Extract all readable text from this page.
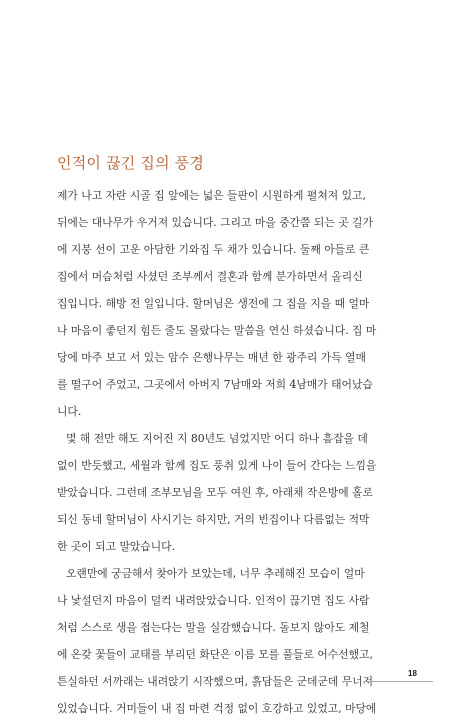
인적이 끊긴 집의 풍경
제가 나고 자란 시골 집 앞에는 넓은 들판이 시원하게 펼쳐져 있고,
뒤에는 대나무가 우거져 있습니다. 그리고 마을 중간쯤 되는 곳 길가
에 지붕 선이 고운 아담한 기와집 두 채가 있습니다. 둘째 아들로 큰
집에서 머슴처럼 사셨던 조부께서 결혼과 함께 분가하면서 올리신
집입니다. 해방 전 일입니다. 할머님은 생전에 그 집을 지을 때 얼마
나 마음이 좋던지 힘든 줄도 몰랐다는 말씀을 연신 하셨습니다. 집 마
당에 마주 보고 서 있는 암수 은행나무는 매년 한 광주리 가득 열매
를 떨구어 주었고, 그곳에서 아버지 7남매와 저희 4남매가 태어났습
니다.
몇 해 전만 해도 지어진 지 80년도 넘었지만 어디 하나 흠잡을 데
없이 반듯했고, 세월과 함께 집도 풍취 있게 나이 들어 간다는 느낌을
받았습니다. 그런데 조부모님을 모두 여읜 후, 아래채 작은방에 홀로
되신 동네 할머님이 사시기는 하지만, 거의 빈집이나 다름없는 적막
한 곳이 되고 말았습니다.
오랜만에 궁금해서 찾아가 보았는데, 너무 추레해진 모습이 얼마
나 낯설던지 마음이 덜컥 내려앉았습니다. 인적이 끊기면 집도 사람
처럼 스스로 생을 접는다는 말을 실감했습니다. 돌보지 않아도 제철
에 온갖 꽃들이 교태를 부리던 화단은 이름 모를 풀들로 어수선했고,
튼실하던 서까래는 내려앉기 시작했으며, 흙담들은 군데군데 무너져
있었습니다. 거미들이 내 집 마련 걱정 없이 호강하고 있었고, 마당에
18
